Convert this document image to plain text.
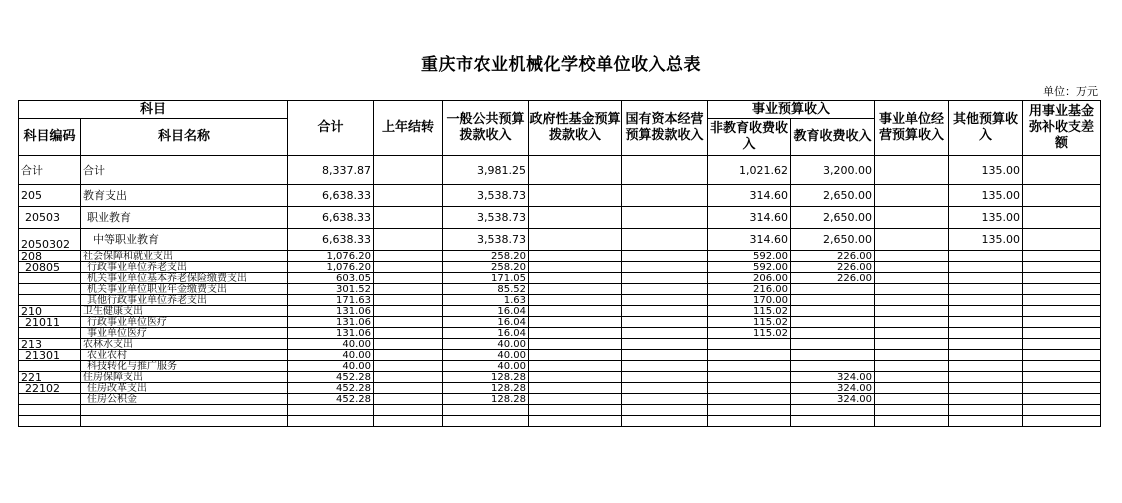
重庆市农业机械化学校单位收入总表
单位：万元
科目		合计	上年结转	一般公共预算拨款收入	政府性基金预算拨款收入	国有资本经营预算拨款收入	事业预算收入		事业单位经营预算收入	其他预算收入	用事业基金弥补收支差额
科目编码	科目名称						非教育收费收入	教育收费收入			
合计	合计	8,337.87		3,981.25			1,021.62	3,200.00		135.00	
205	教育支出	6,638.33		3,538.73			314.60	2,650.00		135.00	
20503	职业教育	6,638.33		3,538.73			314.60	2,650.00		135.00	
2050302	中等职业教育	6,638.33		3,538.73			314.60	2,650.00		135.00	
208	社会保障和就业支出	1,076.20		258.20			592.00	226.00			
20805	行政事业单位养老支出	1,076.20		258.20			592.00	226.00			
	机关事业单位基本养老保险缴费支出	603.05		171.05			206.00	226.00			
	机关事业单位职业年金缴费支出	301.52		85.52			216.00				
	其他行政事业单位养老支出	171.63		1.63			170.00				
210	卫生健康支出	131.06		16.04			115.02				
21011	行政事业单位医疗	131.06		16.04			115.02				
	事业单位医疗	131.06		16.04			115.02				
213	农林水支出	40.00		40.00							
21301	农业农村	40.00		40.00							
	科技转化与推广服务	40.00		40.00							
221	住房保障支出	452.28		128.28				324.00			
22102	住房改革支出	452.28		128.28				324.00			
	住房公积金	452.28		128.28				324.00			
